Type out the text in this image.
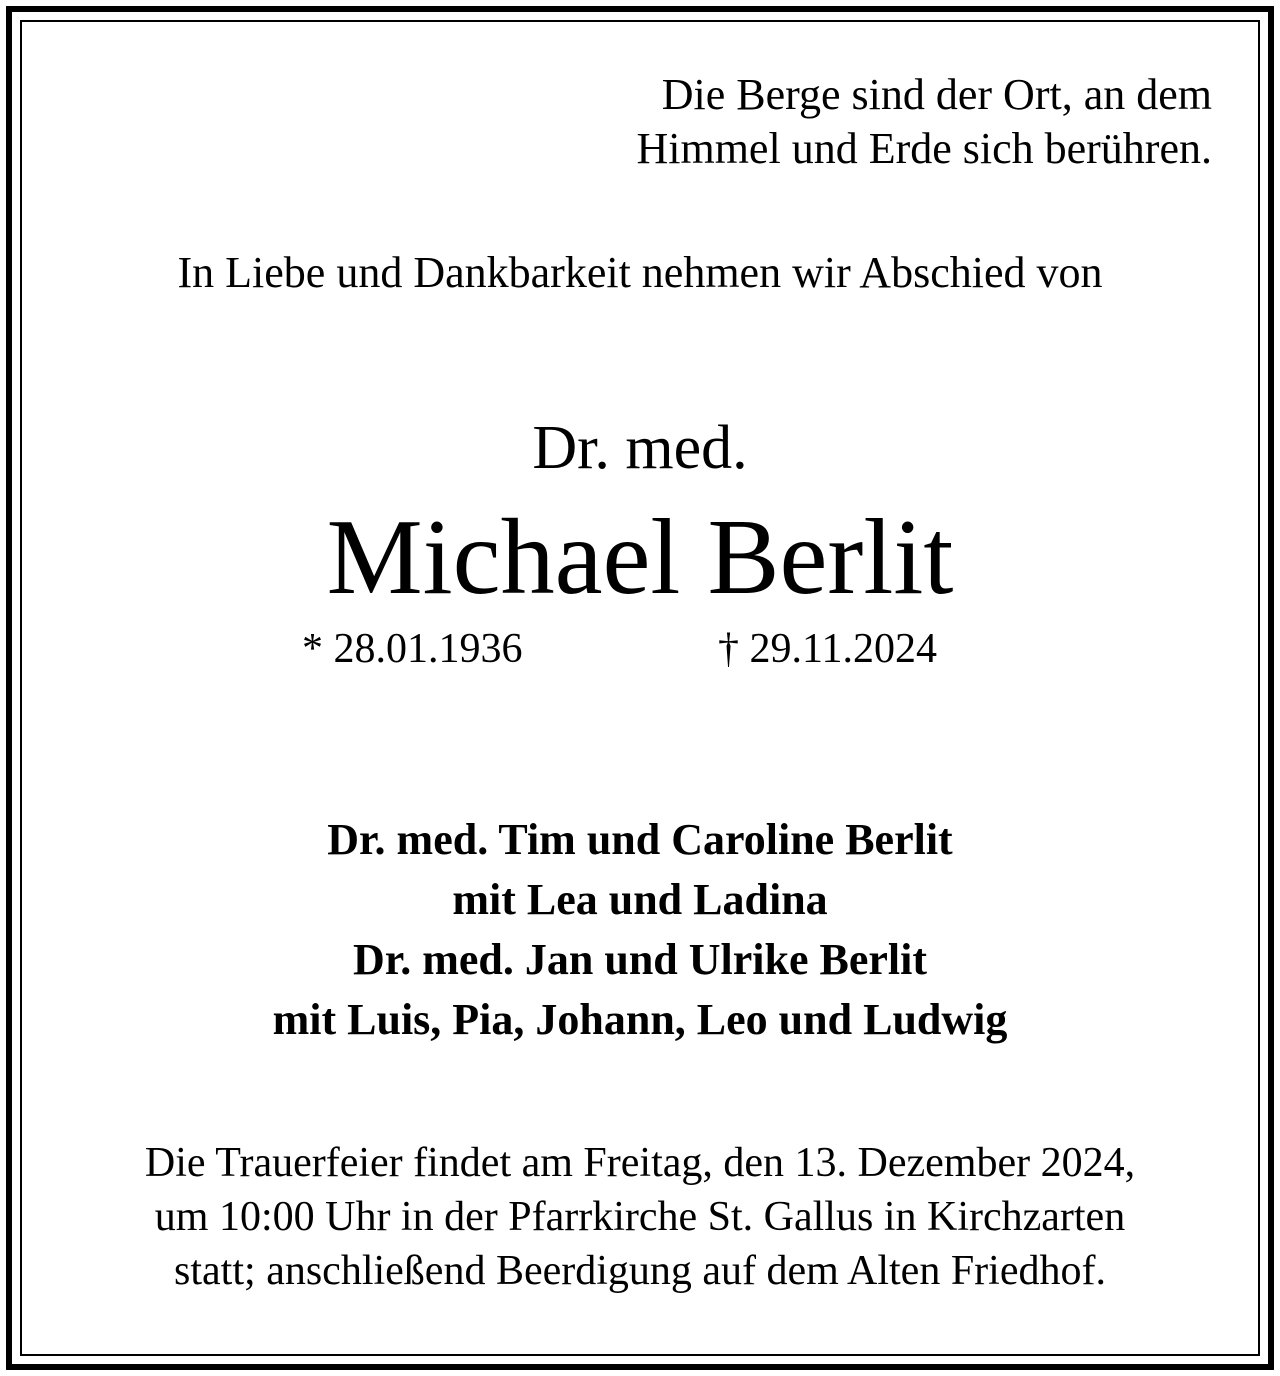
Die Berge sind der Ort, an dem
Himmel und Erde sich berühren.
In Liebe und Dankbarkeit nehmen wir Abschied von
Dr. med.
Michael Berlit
* 28.01.1936	† 29.11.2024
Dr. med. Tim und Caroline Berlit
mit Lea und Ladina
Dr. med. Jan und Ulrike Berlit
mit Luis, Pia, Johann, Leo und Ludwig
Die Trauerfeier findet am Freitag, den 13. Dezember 2024,
um 10:00 Uhr in der Pfarrkirche St. Gallus in Kirchzarten
statt; anschließend Beerdigung auf dem Alten Friedhof.
